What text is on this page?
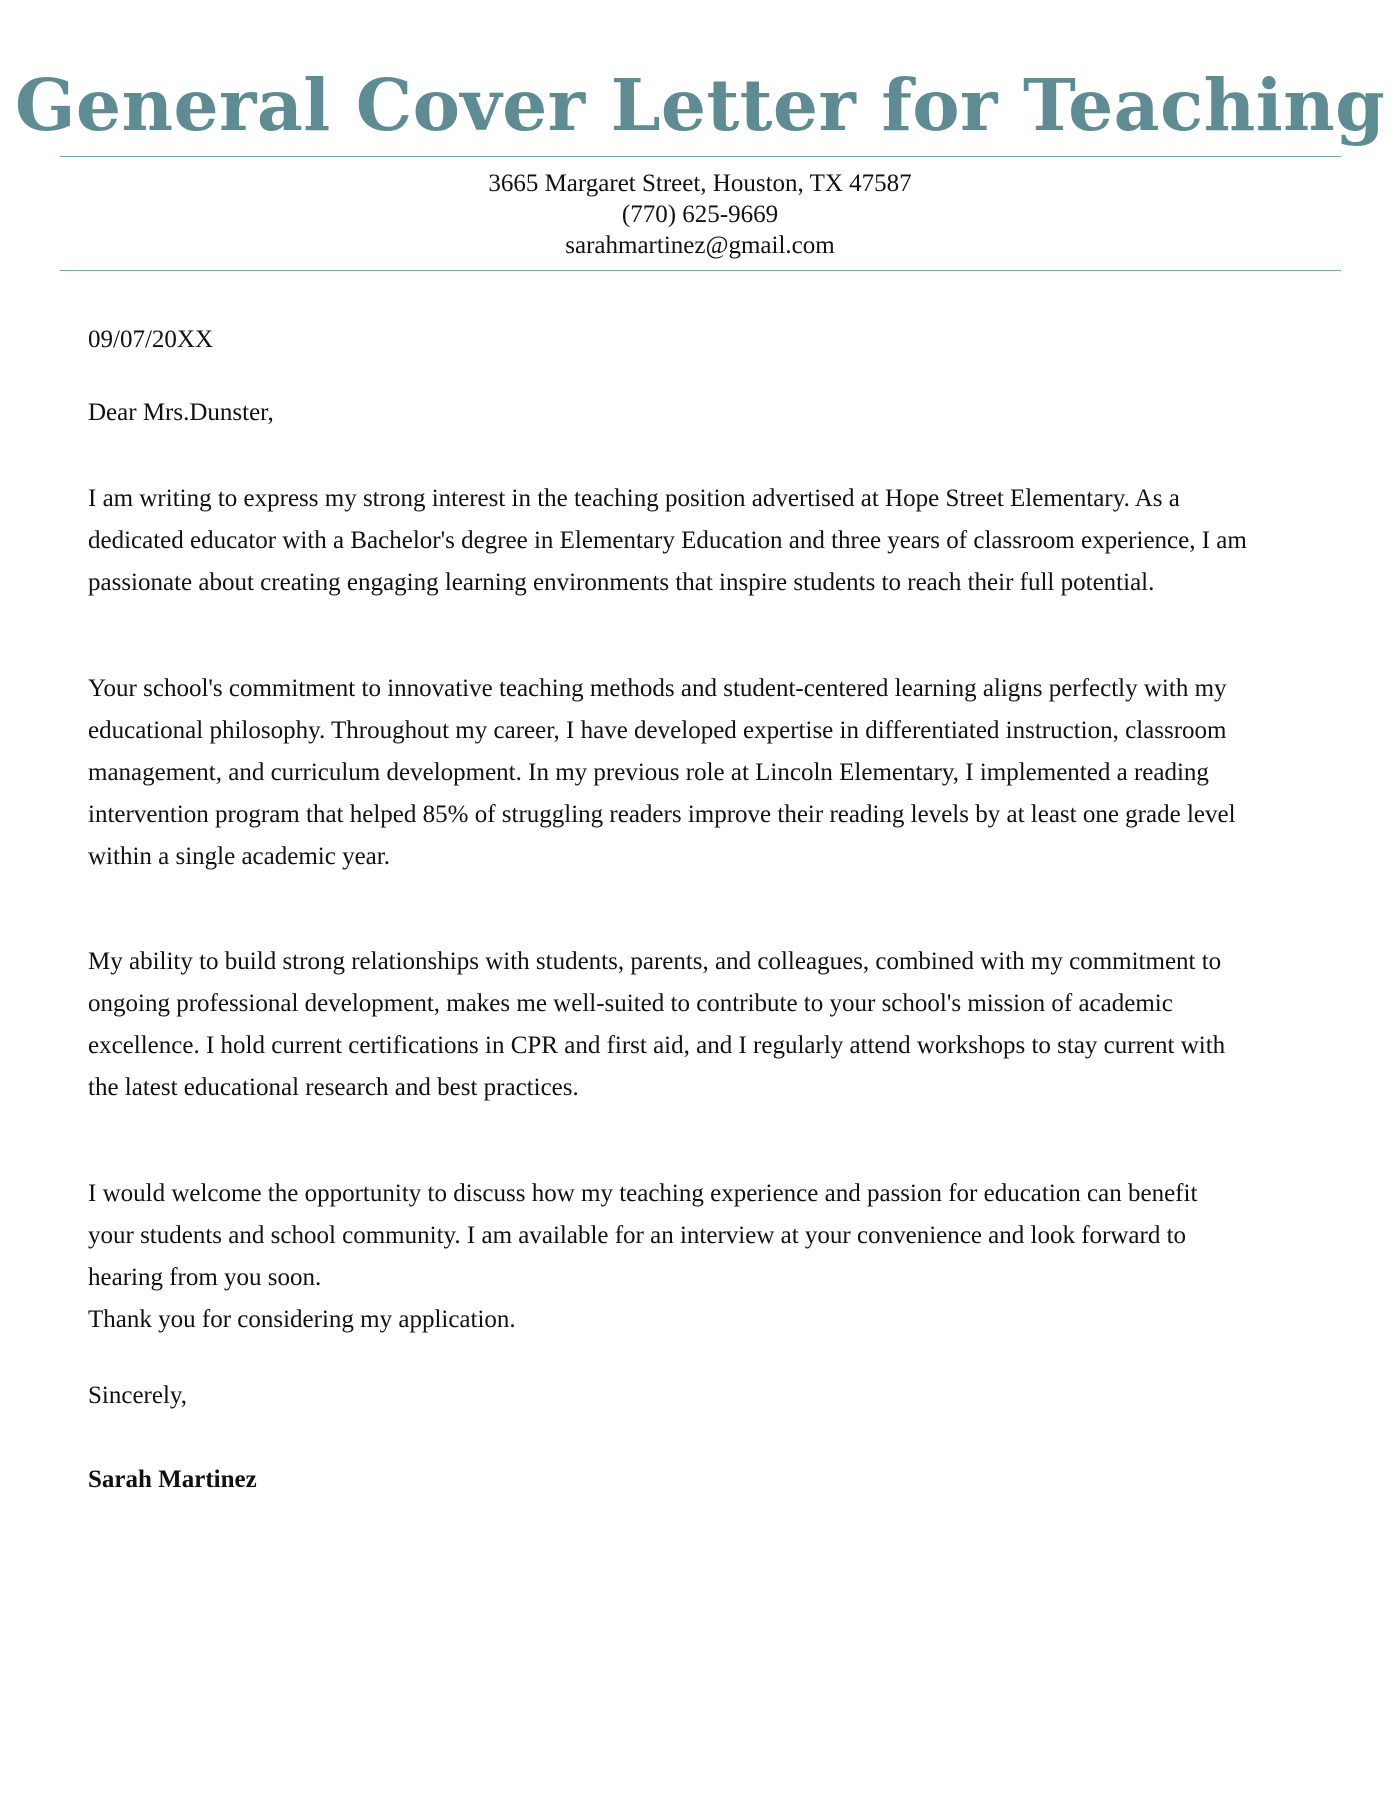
General Cover Letter for Teaching
3665 Margaret Street, Houston, TX 47587
(770) 625-9669
sarahmartinez@gmail.com

09/07/20XX

Dear Mrs.Dunster,

I am writing to express my strong interest in the teaching position advertised at Hope Street Elementary. As a dedicated educator with a Bachelor's degree in Elementary Education and three years of classroom experience, I am passionate about creating engaging learning environments that inspire students to reach their full potential.

Your school's commitment to innovative teaching methods and student-centered learning aligns perfectly with my educational philosophy. Throughout my career, I have developed expertise in differentiated instruction, classroom management, and curriculum development. In my previous role at Lincoln Elementary, I implemented a reading intervention program that helped 85% of struggling readers improve their reading levels by at least one grade level within a single academic year.

My ability to build strong relationships with students, parents, and colleagues, combined with my commitment to ongoing professional development, makes me well-suited to contribute to your school's mission of academic excellence. I hold current certifications in CPR and first aid, and I regularly attend workshops to stay current with the latest educational research and best practices.

I would welcome the opportunity to discuss how my teaching experience and passion for education can benefit your students and school community. I am available for an interview at your convenience and look forward to hearing from you soon.

Thank you for considering my application.

Sincerely,

Sarah Martinez
